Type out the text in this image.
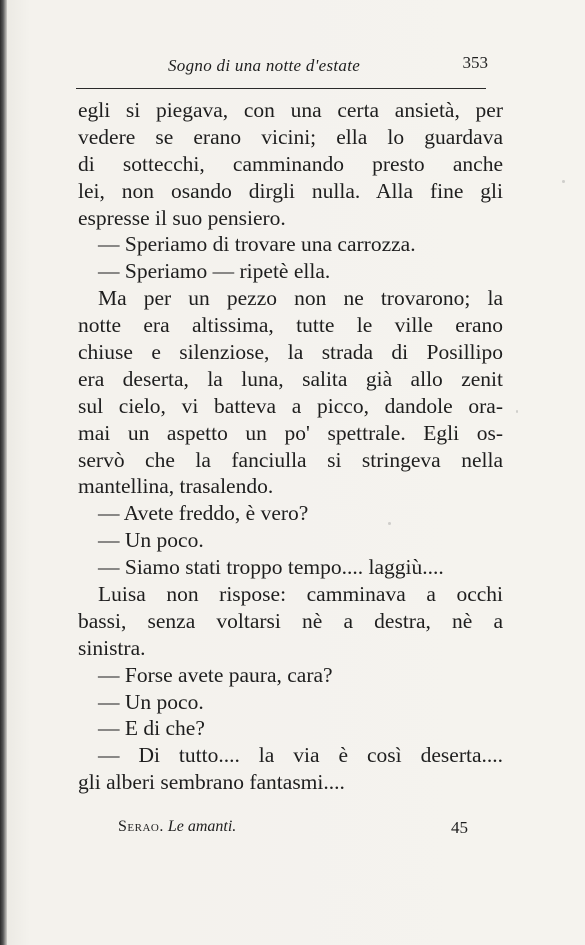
Sogno di una notte d'estate	353
egli si piegava, con una certa ansietà, per
vedere se erano vicini; ella lo guardava
di sottecchi, camminando presto anche
lei, non osando dirgli nulla. Alla fine gli
espresse il suo pensiero.
— Speriamo di trovare una carrozza.
— Speriamo — ripetè ella.
Ma per un pezzo non ne trovarono; la
notte era altissima, tutte le ville erano
chiuse e silenziose, la strada di Posillipo
era deserta, la luna, salita già allo zenit
sul cielo, vi batteva a picco, dandole ora-
mai un aspetto un po' spettrale. Egli os-
servò che la fanciulla si stringeva nella
mantellina, trasalendo.
— Avete freddo, è vero?
— Un poco.
— Siamo stati troppo tempo.... laggiù....
Luisa non rispose: camminava a occhi
bassi, senza voltarsi nè a destra, nè a
sinistra.
— Forse avete paura, cara?
— Un poco.
— E di che?
— Di tutto.... la via è così deserta....
gli alberi sembrano fantasmi....
Serao. Le amanti.	45
